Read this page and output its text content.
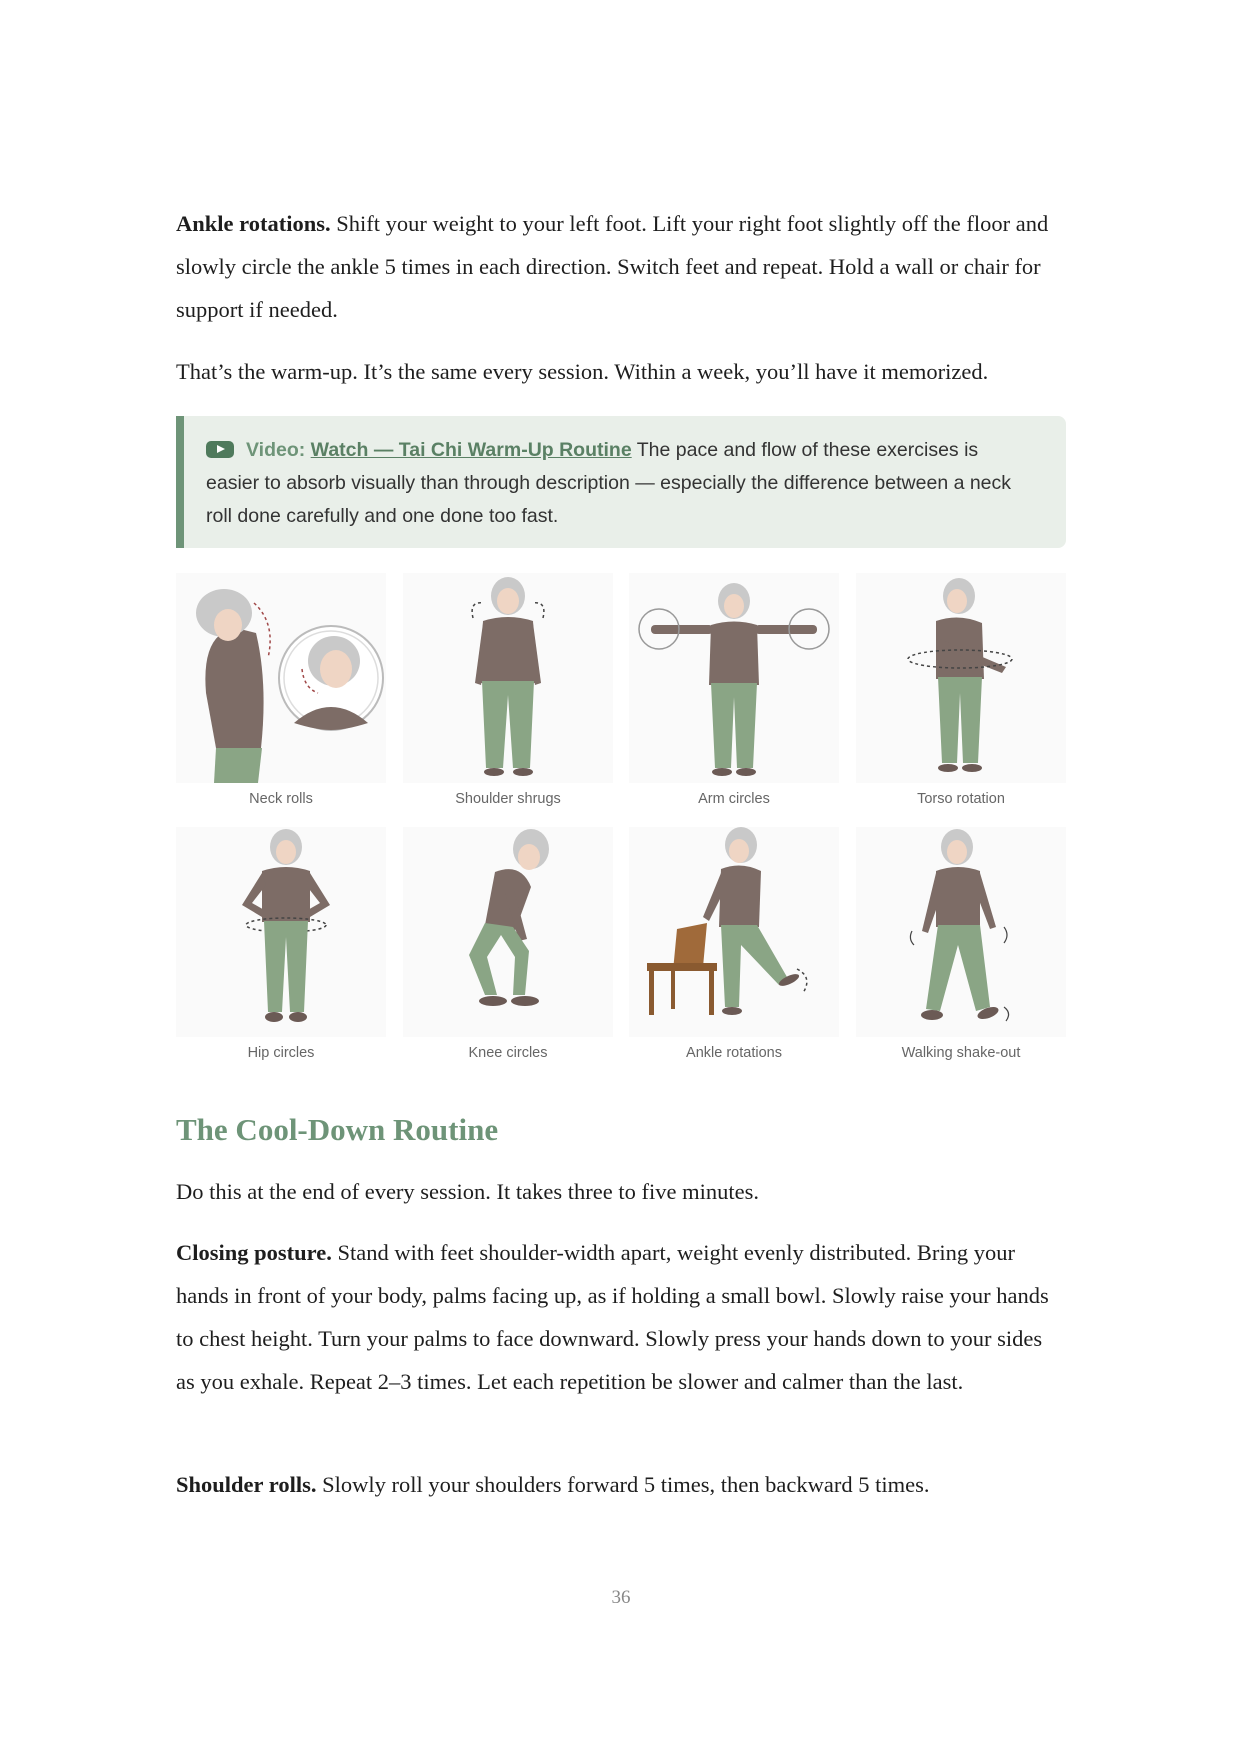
Ankle rotations. Shift your weight to your left foot. Lift your right foot slightly off the floor and slowly circle the ankle 5 times in each direction. Switch feet and repeat. Hold a wall or chair for support if needed.

That’s the warm-up. It’s the same every session. Within a week, you’ll have it memorized.

Video: Watch — Tai Chi Warm-Up Routine The pace and flow of these exercises is easier to absorb visually than through description — especially the difference between a neck roll done carefully and one done too fast.
Neck rolls	Shoulder shrugs	Arm circles	Torso rotation
Hip circles	Knee circles	Ankle rotations	Walking shake-out
The Cool-Down Routine

Do this at the end of every session. It takes three to five minutes.

Closing posture. Stand with feet shoulder-width apart, weight evenly distributed. Bring your hands in front of your body, palms facing up, as if holding a small bowl. Slowly raise your hands to chest height. Turn your palms to face downward. Slowly press your hands down to your sides as you exhale. Repeat 2–3 times. Let each repetition be slower and calmer than the last.

Shoulder rolls. Slowly roll your shoulders forward 5 times, then backward 5 times.

36
